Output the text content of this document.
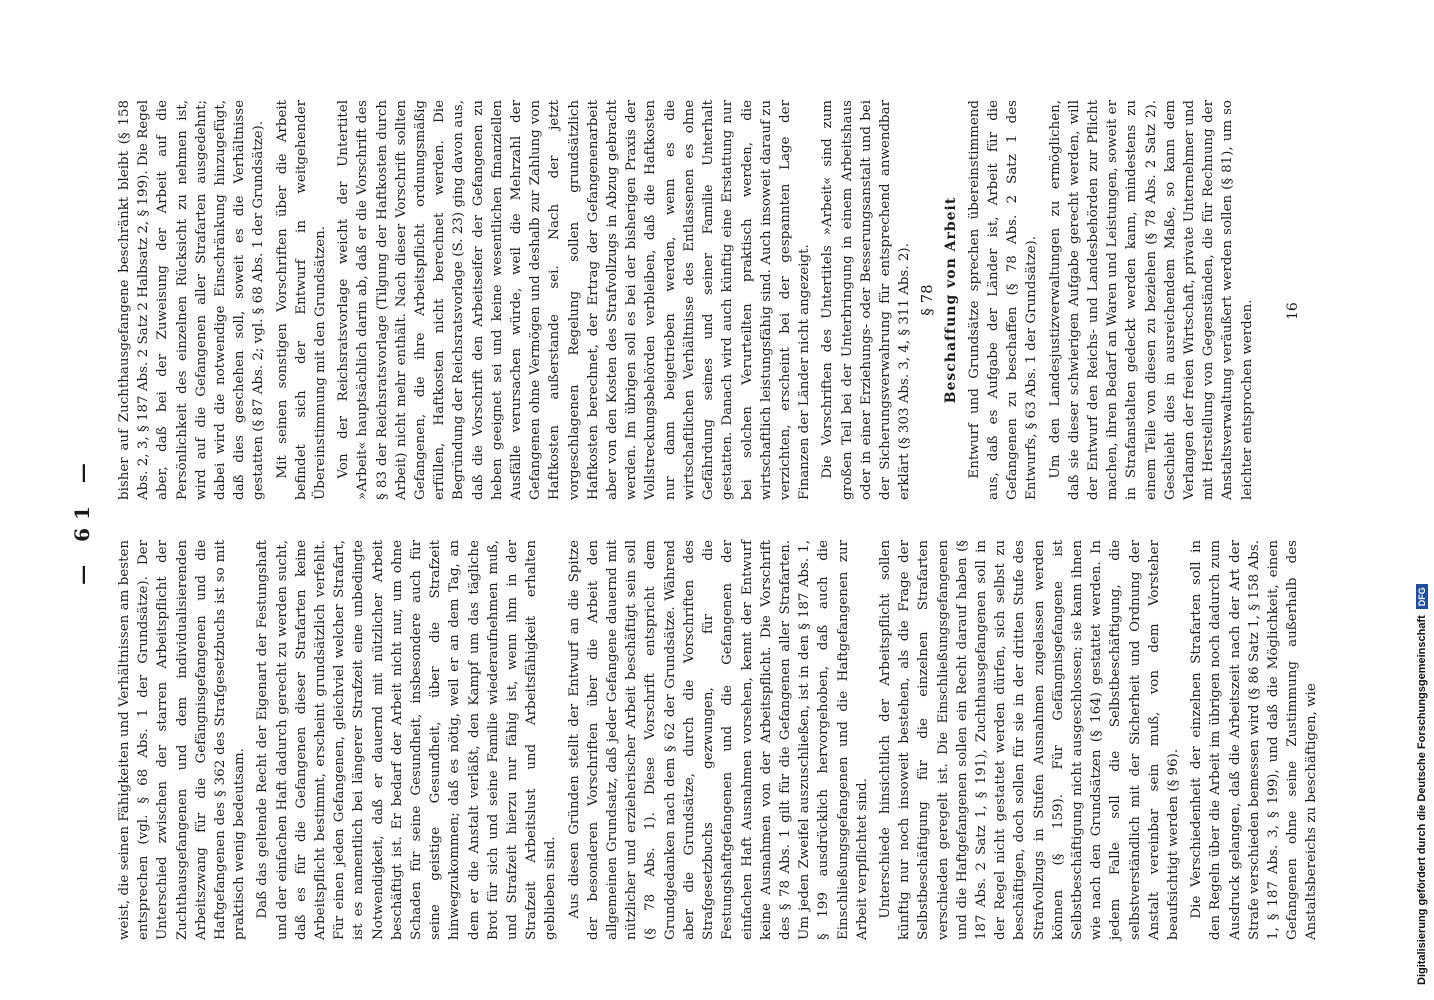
— 61 —

weist, die seinen Fähigkeiten und Verhältnissen am besten entsprechen (vgl. § 68 Abs. 1 der Grundsätze). Der Unterschied zwischen der starren Arbeitspflicht der Zuchthausgefangenen und dem individualisierenden Arbeitszwang für die Gefängnisgefangenen und die Haftgefangenen des § 362 des Strafgesetzbuchs ist so mit praktisch wenig bedeutsam. Daß das geltende Recht der Eigenart der Festungshaft und der einfachen Haft dadurch gerecht zu werden sucht, daß es für die Gefangenen dieser Strafarten keine Arbeitspflicht bestimmt, erscheint grundsätzlich verfehlt. Für einen jeden Gefangenen, gleichviel welcher Strafart, ist es namentlich bei längerer Strafzeit eine unbedingte Notwendigkeit, daß er dauernd mit nützlicher Arbeit beschäftigt ist. Er bedarf der Arbeit nicht nur, um ohne Schaden für seine Gesundheit, insbesondere auch für seine geistige Gesundheit, über die Strafzeit hinwegzukommen; daß es nötig, weil er an dem Tag, an dem er die Anstalt verläßt, den Kampf um das tägliche Brot für sich und seine Familie wiederaufnehmen muß, und Strafzeit hierzu nur fähig ist, wenn ihm in der Strafzeit Arbeitslust und Arbeitsfähigkeit erhalten geblieben sind. Aus diesen Gründen stellt der Entwurf an die Spitze der besonderen Vorschriften über die Arbeit den allgemeinen Grundsatz, daß jeder Gefangene dauernd mit nützlicher und erzieherischer Arbeit beschäftigt sein soll (§ 78 Abs. 1). Diese Vorschrift entspricht dem Grundgedanken nach dem § 62 der Grundsätze. Während aber die Grundsätze, durch die Vorschriften des Strafgesetzbuchs gezwungen, für die Festungshaftgefangenen und die Gefangenen der einfachen Haft Ausnahmen vorsehen, kennt der Entwurf keine Ausnahmen von der Arbeitspflicht. Die Vorschrift des § 78 Abs. 1 gilt für die Gefangenen aller Strafarten. Um jeden Zweifel auszuschließen, ist in den § 187 Abs. 1, § 199 ausdrücklich hervorgehoben, daß auch die Einschließungsgefangenen und die Haftgefangenen zur Arbeit verpflichtet sind. Unterschiede hinsichtlich der Arbeitspflicht sollen künftig nur noch insoweit bestehen, als die Frage der Selbstbeschäftigung für die einzelnen Strafarten verschieden geregelt ist. Die Einschließungsgefangenen und die Haftgefangenen sollen ein Recht darauf haben (§ 187 Abs. 2 Satz 1, § 191), Zuchthausgefangenen soll in der Regel nicht gestattet werden dürfen, sich selbst zu beschäftigen, doch sollen für sie in der dritten Stufe des Strafvollzugs in Stufen Ausnahmen zugelassen werden können (§ 159). Für Gefängnisgefangene ist Selbstbeschäftigung nicht ausgeschlossen; sie kann ihnen wie nach den Grundsätzen (§ 164) gestattet werden. In jedem Falle soll die Selbstbeschäftigung, die selbstverständlich mit der Sicherheit und Ordnung der Anstalt vereinbar sein muß, von dem Vorsteher beaufsichtigt werden (§ 96). Die Verschiedenheit der einzelnen Strafarten soll in den Regeln über die Arbeit im übrigen noch dadurch zum Ausdruck gelangen, daß die Arbeitszeit nach der Art der Strafe verschieden bemessen wird (§ 86 Satz 1, § 158 Abs. 1, § 187 Abs. 3, § 199), und daß die Möglichkeit, einen Gefangenen ohne seine Zustimmung außerhalb des Anstaltsbereichs zu beschäftigen, wie

bisher auf Zuchthausgefangene beschränkt bleibt (§ 158 Abs. 2, 3, § 187 Abs. 2 Satz 2 Halbsatz 2, § 199). Die Regel aber, daß bei der Zuweisung der Arbeit auf die Persönlichkeit des einzelnen Rücksicht zu nehmen ist, wird auf die Gefangenen aller Strafarten ausgedehnt; dabei wird die notwendige Einschränkung hinzugefügt, daß dies geschehen soll, soweit es die Verhältnisse gestatten (§ 87 Abs. 2; vgl. § 68 Abs. 1 der Grundsätze). Mit seinen sonstigen Vorschriften über die Arbeit befindet sich der Entwurf in weitgehender Übereinstimmung mit den Grundsätzen. Von der Reichsratsvorlage weicht der Untertitel »Arbeit« hauptsächlich darin ab, daß er die Vorschrift des § 83 der Reichsratsvorlage (Tilgung der Haftkosten durch Arbeit) nicht mehr enthält. Nach dieser Vorschrift sollten Gefangenen, die ihre Arbeitspflicht ordnungsmäßig erfüllen, Haftkosten nicht berechnet werden. Die Begründung der Reichsratsvorlage (S. 23) ging davon aus, daß die Vorschrift den Arbeitseifer der Gefangenen zu heben geeignet sei und keine wesentlichen finanziellen Ausfälle verursachen würde, weil die Mehrzahl der Gefangenen ohne Vermögen und deshalb zur Zahlung von Haftkosten außerstande sei. Nach der jetzt vorgeschlagenen Regelung sollen grundsätzlich Haftkosten berechnet, der Ertrag der Gefangenenarbeit aber von den Kosten des Strafvollzugs in Abzug gebracht werden. Im übrigen soll es bei der bisherigen Praxis der Vollstreckungsbehörden verbleiben, daß die Haftkosten nur dann beigetrieben werden, wenn es die wirtschaftlichen Verhältnisse des Entlassenen es ohne Gefährdung seines und seiner Familie Unterhalt gestatten. Danach wird auch künftig eine Erstattung nur bei solchen Verurteilten praktisch werden, die wirtschaftlich leistungsfähig sind. Auch insoweit darauf zu verzichten, erscheint bei der gespannten Lage der Finanzen der Länder nicht angezeigt. Die Vorschriften des Untertitels »Arbeit« sind zum großen Teil bei der Unterbringung in einem Arbeitshaus oder in einer Erziehungs- oder Besserungsanstalt und bei der Sicherungsverwahrung für entsprechend anwendbar erklärt (§ 303 Abs. 3, 4, § 311 Abs. 2). § 78 Beschaffung von Arbeit Entwurf und Grundsätze sprechen übereinstimmend aus, daß es Aufgabe der Länder ist, Arbeit für die Gefangenen zu beschaffen (§ 78 Abs. 2 Satz 1 des Entwurfs, § 63 Abs. 1 der Grundsätze). Um den Landesjustizverwaltungen zu ermöglichen, daß sie dieser schwierigen Aufgabe gerecht werden, will der Entwurf den Reichs- und Landesbehörden zur Pflicht machen, ihren Bedarf an Waren und Leistungen, soweit er in Strafanstalten gedeckt werden kann, mindestens zu einem Teile von diesen zu beziehen (§ 78 Abs. 2 Satz 2). Geschieht dies in ausreichendem Maße, so kann dem Verlangen der freien Wirtschaft, private Unternehmer und mit Herstellung von Gegenständen, die für Rechnung der Anstaltsverwaltung veräußert werden sollen (§ 81), um so leichter entsprochen werden. 16
Digitalisierung gefördert durch die Deutsche Forschungsgemeinschaft
DFG
